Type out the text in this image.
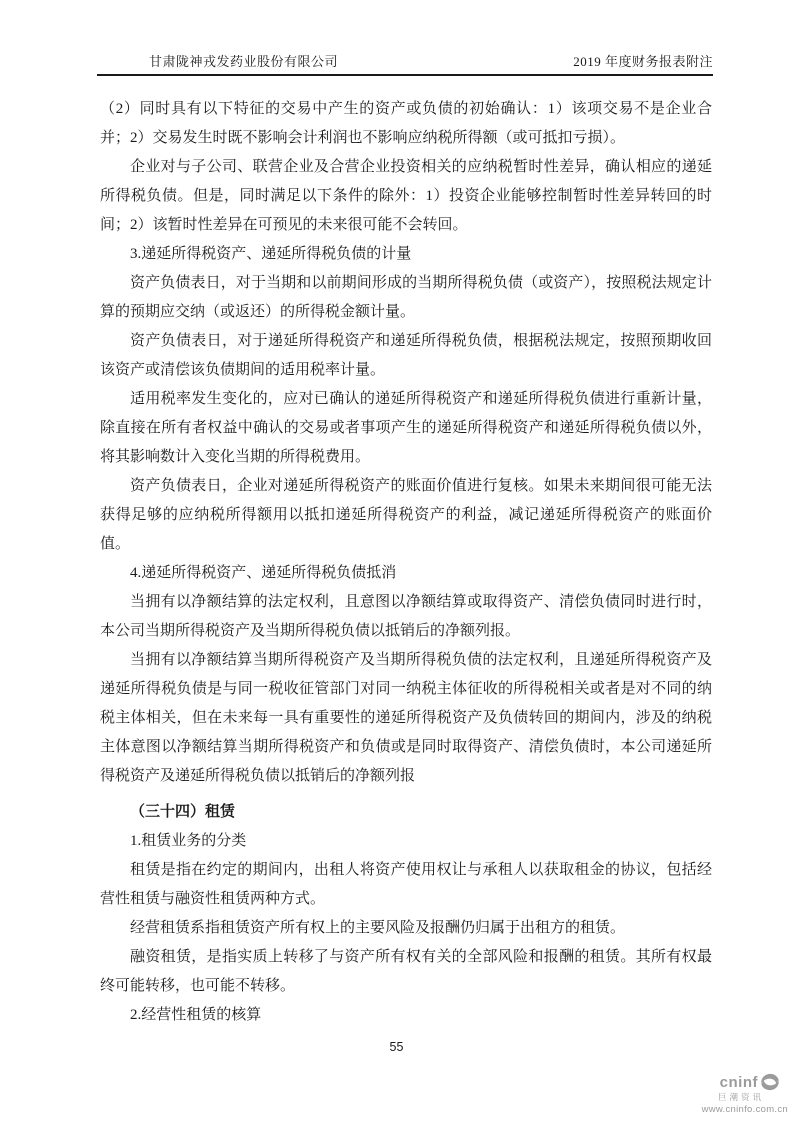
甘肃陇神戎发药业股份有限公司	2019 年度财务报表附注

（2）同时具有以下特征的交易中产生的资产或负债的初始确认：1）该项交易不是企业合并；2）交易发生时既不影响会计利润也不影响应纳税所得额（或可抵扣亏损）。

企业对与子公司、联营企业及合营企业投资相关的应纳税暂时性差异，确认相应的递延所得税负债。但是，同时满足以下条件的除外：1）投资企业能够控制暂时性差异转回的时间；2）该暂时性差异在可预见的未来很可能不会转回。

3.递延所得税资产、递延所得税负债的计量

资产负债表日，对于当期和以前期间形成的当期所得税负债（或资产），按照税法规定计算的预期应交纳（或返还）的所得税金额计量。

资产负债表日，对于递延所得税资产和递延所得税负债，根据税法规定，按照预期收回该资产或清偿该负债期间的适用税率计量。

适用税率发生变化的，应对已确认的递延所得税资产和递延所得税负债进行重新计量，除直接在所有者权益中确认的交易或者事项产生的递延所得税资产和递延所得税负债以外，将其影响数计入变化当期的所得税费用。

资产负债表日，企业对递延所得税资产的账面价值进行复核。如果未来期间很可能无法获得足够的应纳税所得额用以抵扣递延所得税资产的利益，减记递延所得税资产的账面价值。

4.递延所得税资产、递延所得税负债抵消

当拥有以净额结算的法定权利，且意图以净额结算或取得资产、清偿负债同时进行时，本公司当期所得税资产及当期所得税负债以抵销后的净额列报。

当拥有以净额结算当期所得税资产及当期所得税负债的法定权利，且递延所得税资产及递延所得税负债是与同一税收征管部门对同一纳税主体征收的所得税相关或者是对不同的纳税主体相关，但在未来每一具有重要性的递延所得税资产及负债转回的期间内，涉及的纳税主体意图以净额结算当期所得税资产和负债或是同时取得资产、清偿负债时，本公司递延所得税资产及递延所得税负债以抵销后的净额列报

（三十四）租赁

1.租赁业务的分类

租赁是指在约定的期间内，出租人将资产使用权让与承租人以获取租金的协议，包括经营性租赁与融资性租赁两种方式。

经营租赁系指租赁资产所有权上的主要风险及报酬仍归属于出租方的租赁。

融资租赁，是指实质上转移了与资产所有权有关的全部风险和报酬的租赁。其所有权最终可能转移，也可能不转移。

2.经营性租赁的核算

55
cninf
巨潮资讯
www.cninfo.com.cn
